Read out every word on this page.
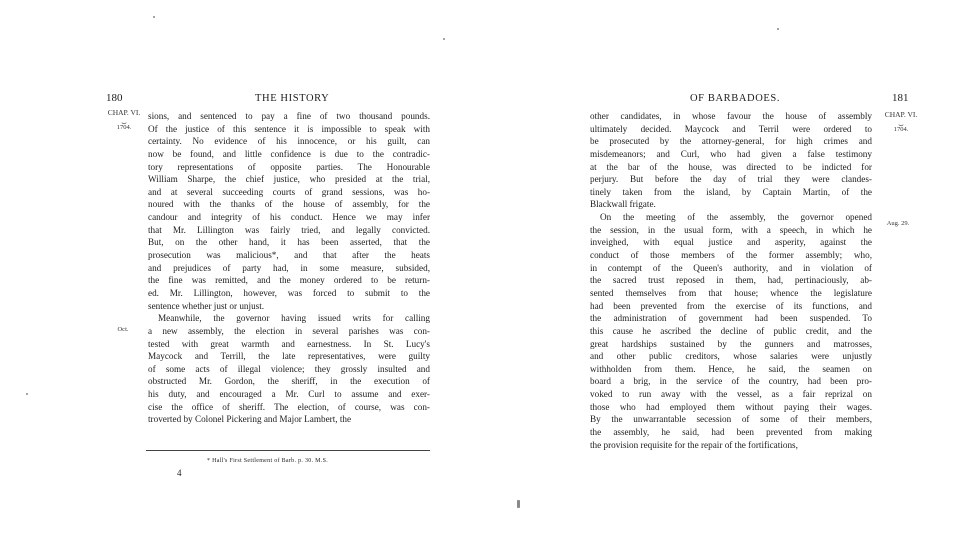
180	THE HISTORY
CHAP. VI.
⏟
1704.
Oct.
sions, and sentenced to pay a fine of two thousand pounds.
Of the justice of this sentence it is impossible to speak with
certainty. No evidence of his innocence, or his guilt, can
now be found, and little confidence is due to the contradic-
tory representations of opposite parties. The Honourable
William Sharpe, the chief justice, who presided at the trial,
and at several succeeding courts of grand sessions, was ho-
noured with the thanks of the house of assembly, for the
candour and integrity of his conduct. Hence we may infer
that Mr. Lillington was fairly tried, and legally convicted.
But, on the other hand, it has been asserted, that the
prosecution was malicious*, and that after the heats
and prejudices of party had, in some measure, subsided,
the fine was remitted, and the money ordered to be return-
ed. Mr. Lillington, however, was forced to submit to the
sentence whether just or unjust.
Meanwhile, the governor having issued writs for calling
a new assembly, the election in several parishes was con-
tested with great warmth and earnestness. In St. Lucy's
Maycock and Terrill, the late representatives, were guilty
of some acts of illegal violence; they grossly insulted and
obstructed Mr. Gordon, the sheriff, in the execution of
his duty, and encouraged a Mr. Curl to assume and exer-
cise the office of sheriff. The election, of course, was con-
troverted by Colonel Pickering and Major Lambert, the
* Hall's First Settlement of Barb. p. 30. M.S.
4
OF BARBADOES.	181
CHAP. VI.
⏟
1704.
Aug. 29.
other candidates, in whose favour the house of assembly
ultimately decided. Maycock and Terril were ordered to
be prosecuted by the attorney-general, for high crimes and
misdemeanors; and Curl, who had given a false testimony
at the bar of the house, was directed to be indicted for
perjury. But before the day of trial they were clandes-
tinely taken from the island, by Captain Martin, of the
Blackwall frigate.
On the meeting of the assembly, the governor opened
the session, in the usual form, with a speech, in which he
inveighed, with equal justice and asperity, against the
conduct of those members of the former assembly; who,
in contempt of the Queen's authority, and in violation of
the sacred trust reposed in them, had, pertinaciously, ab-
sented themselves from that house; whence the legislature
had been prevented from the exercise of its functions, and
the administration of government had been suspended. To
this cause he ascribed the decline of public credit, and the
great hardships sustained by the gunners and matrosses,
and other public creditors, whose salaries were unjustly
withholden from them. Hence, he said, the seamen on
board a brig, in the service of the country, had been pro-
voked to run away with the vessel, as a fair reprizal on
those who had employed them without paying their wages.
By the unwarrantable secession of some of their members,
the assembly, he said, had been prevented from making
the provision requisite for the repair of the fortifications,
